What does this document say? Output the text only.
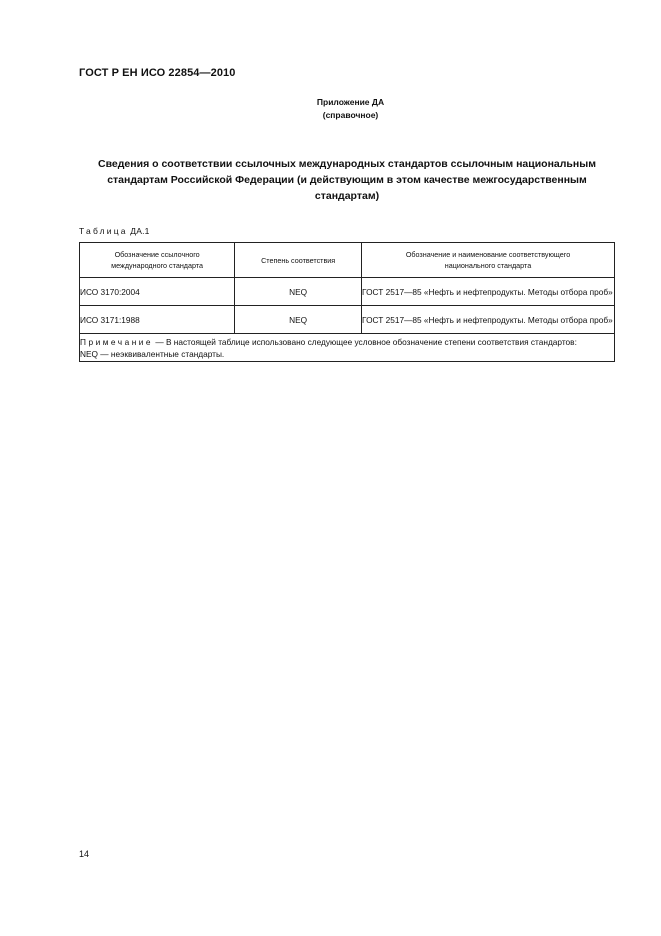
ГОСТ Р ЕН ИСО 22854—2010
Приложение ДА
(справочное)
Сведения о соответствии ссылочных международных стандартов ссылочным национальным
стандартам Российской Федерации (и действующим в этом качестве межгосударственным
стандартам)
Таблица ДА.1
Обозначение ссылочного международного стандарта	Степень соответствия	Обозначение и наименование соответствующего национального стандарта

ИСО 3170:2004	NEQ	ГОСТ 2517—85 «Нефть и нефтепродукты. Методы отбора проб»
ИСО 3171:1988	NEQ	ГОСТ 2517—85 «Нефть и нефтепродукты. Методы отбора проб»
Примечание — В настоящей таблице использовано следующее условное обозначение степени соответствия стандартов:
NEQ — неэквивалентные стандарты.		
14
